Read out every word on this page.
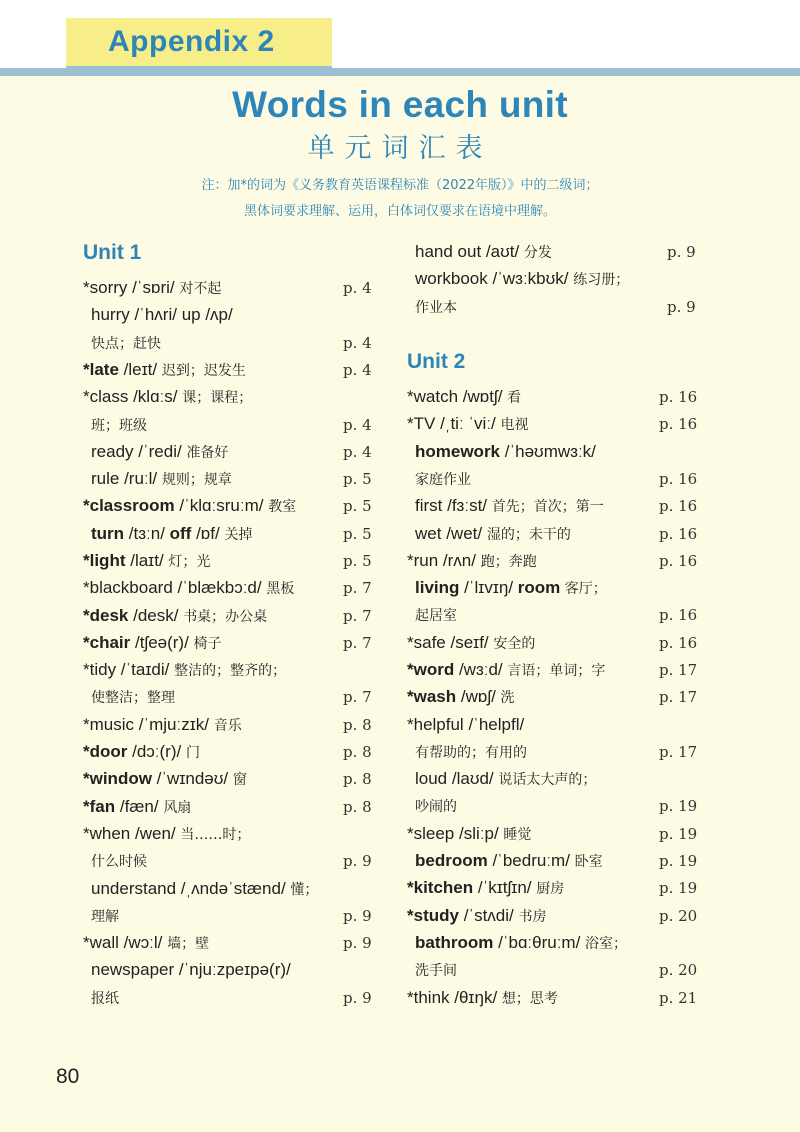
Appendix 2
Words in each unit
单元词汇表
注：加*的词为《义务教育英语课程标准（2022年版）》中的二级词；
黑体词要求理解、运用，白体词仅要求在语境中理解。
Unit 1
*sorry /ˈsɒri/ 对不起	p. 4
hurry /ˈhʌri/ up /ʌp/
快点；赶快	p. 4
*late /leɪt/ 迟到；迟发生	p. 4
*class /klɑːs/ 课；课程；
班；班级	p. 4
ready /ˈredi/ 准备好	p. 4
rule /ruːl/ 规则；规章	p. 5
*classroom /ˈklɑːsruːm/ 教室	p. 5
turn /tɜːn/ off /ɒf/ 关掉	p. 5
*light /laɪt/ 灯；光	p. 5
*blackboard /ˈblækbɔːd/ 黑板	p. 7
*desk /desk/ 书桌；办公桌	p. 7
*chair /tʃeə(r)/ 椅子	p. 7
*tidy /ˈtaɪdi/ 整洁的；整齐的；
使整洁；整理	p. 7
*music /ˈmjuːzɪk/ 音乐	p. 8
*door /dɔː(r)/ 门	p. 8
*window /ˈwɪndəʊ/ 窗	p. 8
*fan /fæn/ 风扇	p. 8
*when /wen/ 当……时；
什么时候	p. 9
understand /ˌʌndəˈstænd/ 懂；
理解	p. 9
*wall /wɔːl/ 墙；壁	p. 9
newspaper /ˈnjuːzpeɪpə(r)/
报纸	p. 9
hand out /aʊt/ 分发	p. 9
workbook /ˈwɜːkbʊk/ 练习册；
作业本	p. 9
Unit 2
*watch /wɒtʃ/ 看	p. 16
*TV /ˌtiː ˈviː/ 电视	p. 16
homework /ˈhəʊmwɜːk/
家庭作业	p. 16
first /fɜːst/ 首先；首次；第一	p. 16
wet /wet/ 湿的；未干的	p. 16
*run /rʌn/ 跑；奔跑	p. 16
living /ˈlɪvɪŋ/ room 客厅；
起居室	p. 16
*safe /seɪf/ 安全的	p. 16
*word /wɜːd/ 言语；单词；字	p. 17
*wash /wɒʃ/ 洗	p. 17
*helpful /ˈhelpfl/
有帮助的；有用的	p. 17
loud /laʊd/ 说话太大声的；
吵闹的	p. 19
*sleep /sliːp/ 睡觉	p. 19
bedroom /ˈbedruːm/ 卧室	p. 19
*kitchen /ˈkɪtʃɪn/ 厨房	p. 19
*study /ˈstʌdi/ 书房	p. 20
bathroom /ˈbɑːθruːm/ 浴室；
洗手间	p. 20
*think /θɪŋk/ 想；思考	p. 21
80
